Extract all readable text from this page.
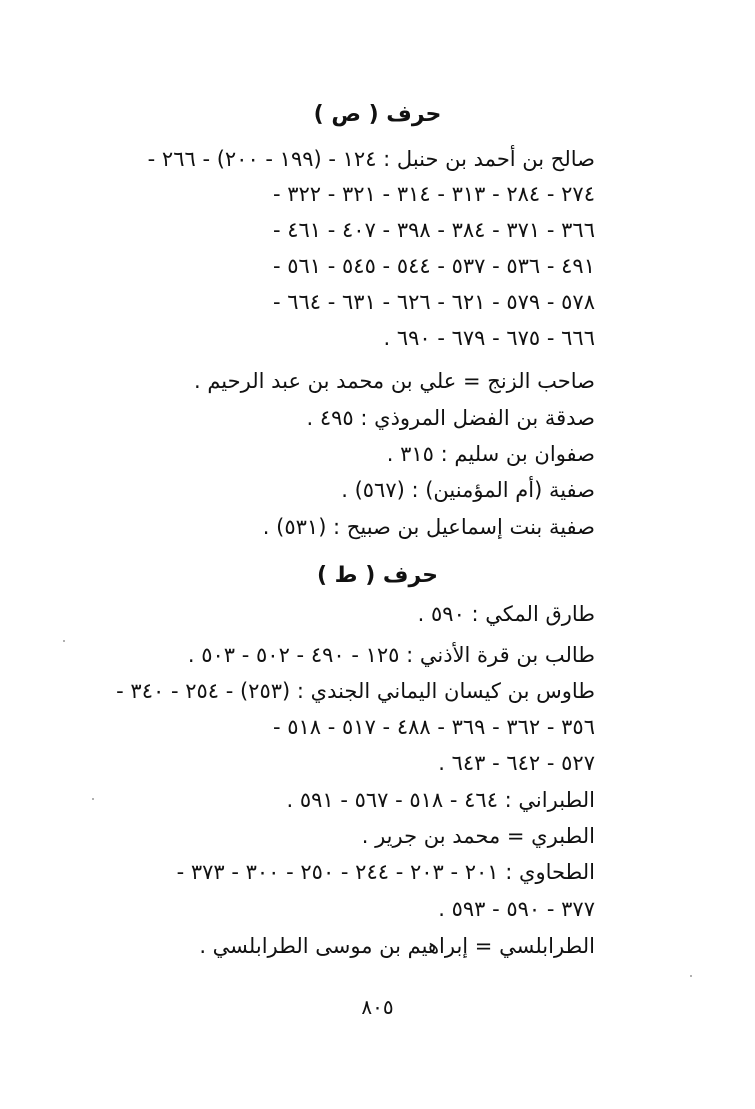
حرف ( ص )
صالح بن أحمد بن حنبل : ١٢٤ - (١٩٩ - ٢٠٠) - ٢٦٦ -
٢٧٤ - ٢٨٤ - ٣١٣ - ٣١٤ - ٣٢١ - ٣٢٢ -
٣٦٦ - ٣٧١ - ٣٨٤ - ٣٩٨ - ٤٠٧ - ٤٦١ -
٤٩١ - ٥٣٦ - ٥٣٧ - ٥٤٤ - ٥٤٥ - ٥٦١ -
٥٧٨ - ٥٧٩ - ٦٢١ - ٦٢٦ - ٦٣١ - ٦٦٤ -
٦٦٦ - ٦٧٥ - ٦٧٩ - ٦٩٠ .
صاحب الزنج = علي بن محمد بن عبد الرحيم .
صدقة بن الفضل المروذي : ٤٩٥ .
صفوان بن سليم : ٣١٥ .
صفية (أم المؤمنين) : (٥٦٧) .
صفية بنت إسماعيل بن صبيح : (٥٣١) .
حرف ( ط )
طارق المكي : ٥٩٠ .
طالب بن قرة الأذني : ١٢٥ - ٤٩٠ - ٥٠٢ - ٥٠٣ .
طاوس بن كيسان اليماني الجندي : (٢٥٣) - ٢٥٤ - ٣٤٠ -
٣٥٦ - ٣٦٢ - ٣٦٩ - ٤٨٨ - ٥١٧ - ٥١٨ -
٥٢٧ - ٦٤٢ - ٦٤٣ .
الطبراني : ٤٦٤ - ٥١٨ - ٥٦٧ - ٥٩١ .
الطبري = محمد بن جرير .
الطحاوي : ٢٠١ - ٢٠٣ - ٢٤٤ - ٢٥٠ - ٣٠٠ - ٣٧٣ -
٣٧٧ - ٥٩٠ - ٥٩٣ .
الطرابلسي = إبراهيم بن موسى الطرابلسي .
٨٠٥
